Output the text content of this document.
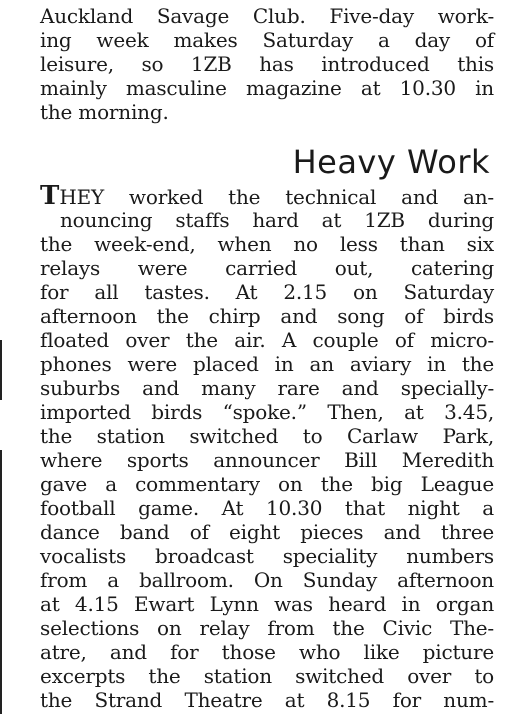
Auckland Savage Club. Five-day work-
ing week makes Saturday a day of
leisure, so 1ZB has introduced this
mainly masculine magazine at 10.30 in
the morning.
Heavy Work
THEY worked the technical and an-
nouncing staffs hard at 1ZB during
the week-end, when no less than six
relays were carried out, catering
for all tastes. At 2.15 on Saturday
afternoon the chirp and song of birds
floated over the air. A couple of micro-
phones were placed in an aviary in the
suburbs and many rare and specially-
imported birds “spoke.” Then, at 3.45,
the station switched to Carlaw Park,
where sports announcer Bill Meredith
gave a commentary on the big League
football game. At 10.30 that night a
dance band of eight pieces and three
vocalists broadcast speciality numbers
from a ballroom. On Sunday afternoon
at 4.15 Ewart Lynn was heard in organ
selections on relay from the Civic The-
atre, and for those who like picture
excerpts the station switched over to
the Strand Theatre at 8.15 for num-
